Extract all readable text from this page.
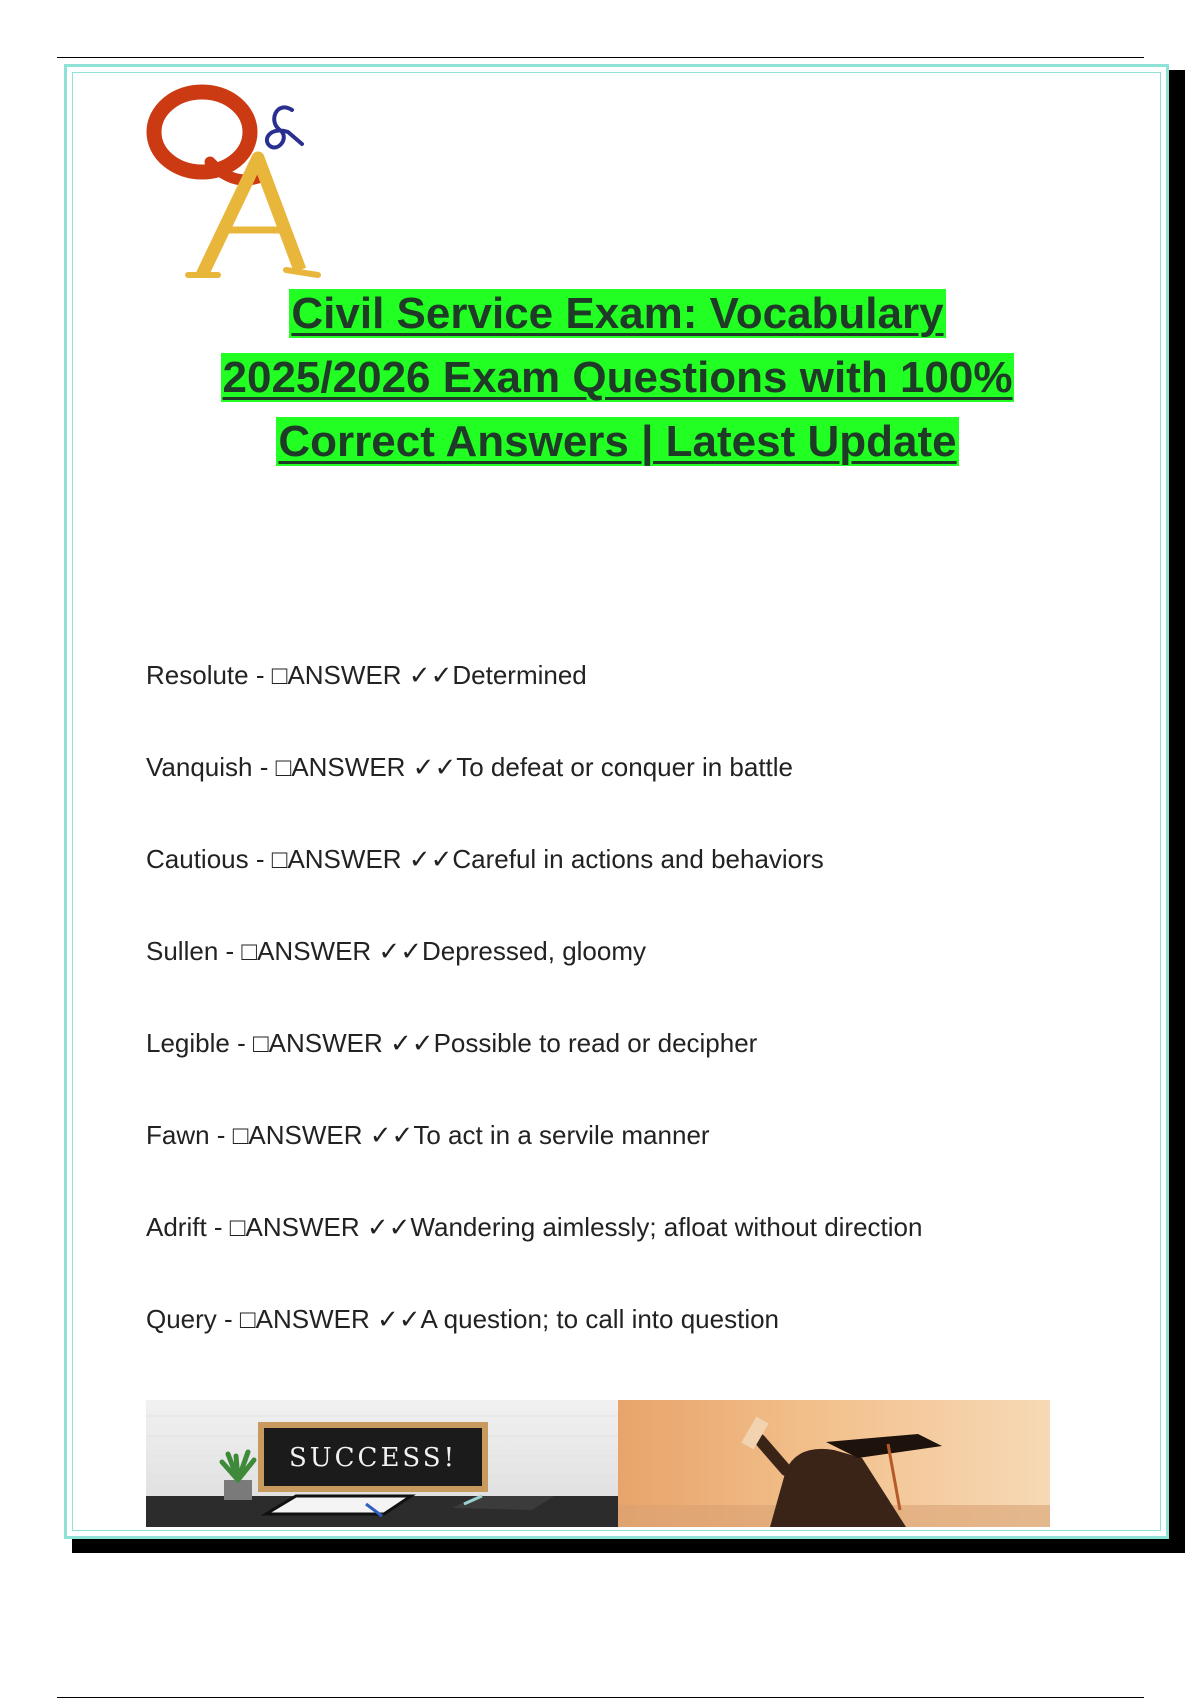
Civil Service Exam: Vocabulary
2025/2026 Exam Questions with 100%
Correct Answers | Latest Update
Resolute - □ANSWER ✓✓Determined
Vanquish - □ANSWER ✓✓To defeat or conquer in battle
Cautious - □ANSWER ✓✓Careful in actions and behaviors
Sullen - □ANSWER ✓✓Depressed, gloomy
Legible - □ANSWER ✓✓Possible to read or decipher
Fawn - □ANSWER ✓✓To act in a servile manner
Adrift - □ANSWER ✓✓Wandering aimlessly; afloat without direction
Query - □ANSWER ✓✓A question; to call into question
SUCCESS!
